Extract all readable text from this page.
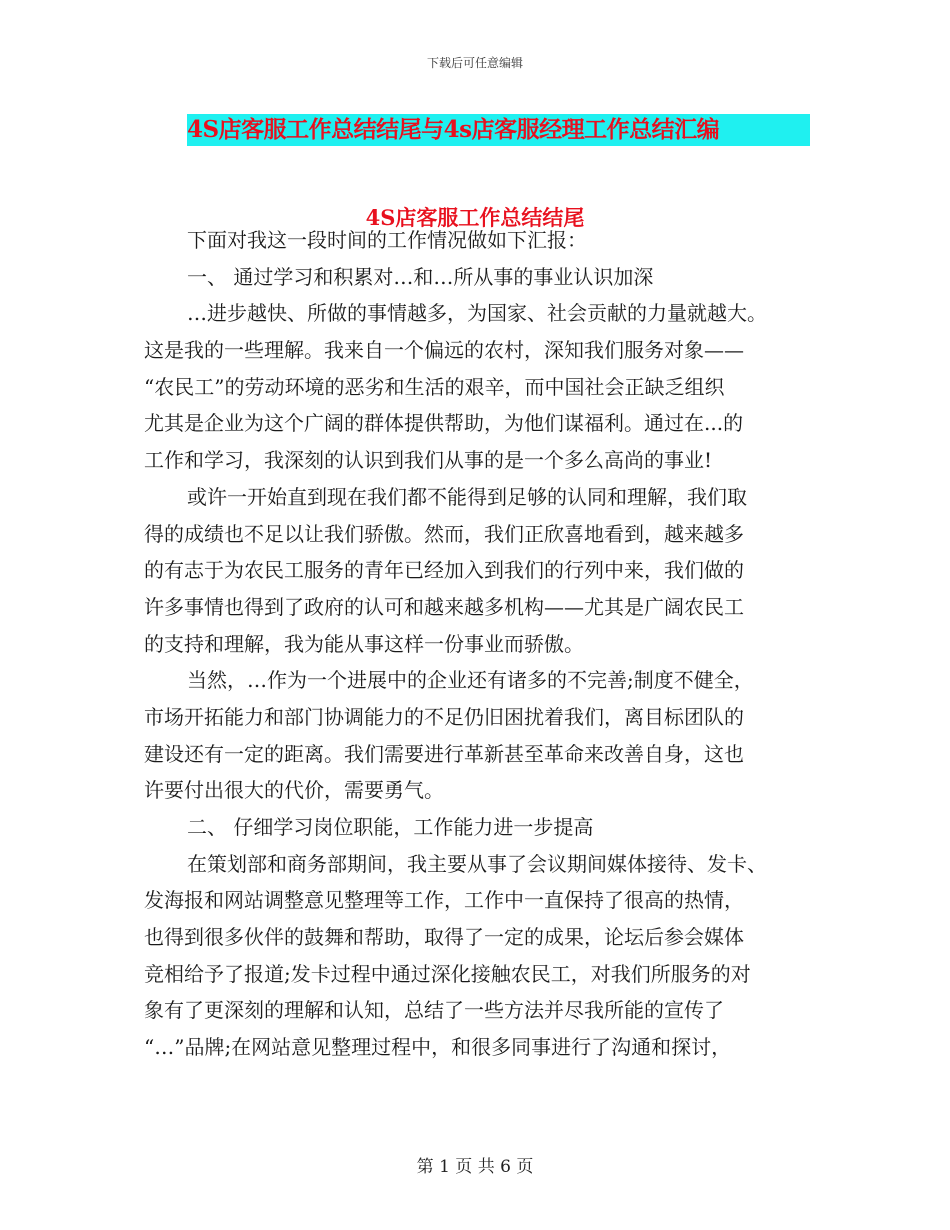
下载后可任意编辑
4S店客服工作总结结尾与4s店客服经理工作总结汇编
4S店客服工作总结结尾
下面对我这一段时间的工作情况做如下汇报：
一、 通过学习和积累对…和…所从事的事业认识加深
…进步越快、所做的事情越多，为国家、社会贡献的力量就越大。
这是我的一些理解。我来自一个偏远的农村，深知我们服务对象——
“农民工”的劳动环境的恶劣和生活的艰辛，而中国社会正缺乏组织
尤其是企业为这个广阔的群体提供帮助，为他们谋福利。通过在...的
工作和学习，我深刻的认识到我们从事的是一个多么高尚的事业!
或许一开始直到现在我们都不能得到足够的认同和理解，我们取
得的成绩也不足以让我们骄傲。然而，我们正欣喜地看到，越来越多
的有志于为农民工服务的青年已经加入到我们的行列中来，我们做的
许多事情也得到了政府的认可和越来越多机构——尤其是广阔农民工
的支持和理解，我为能从事这样一份事业而骄傲。
当然，…作为一个进展中的企业还有诸多的不完善;制度不健全，
市场开拓能力和部门协调能力的不足仍旧困扰着我们，离目标团队的
建设还有一定的距离。我们需要进行革新甚至革命来改善自身，这也
许要付出很大的代价，需要勇气。
二、 仔细学习岗位职能，工作能力进一步提高
在策划部和商务部期间，我主要从事了会议期间媒体接待、发卡、
发海报和网站调整意见整理等工作，工作中一直保持了很高的热情，
也得到很多伙伴的鼓舞和帮助，取得了一定的成果，论坛后参会媒体
竞相给予了报道;发卡过程中通过深化接触农民工，对我们所服务的对
象有了更深刻的理解和认知，总结了一些方法并尽我所能的宣传了
“…”品牌;在网站意见整理过程中，和很多同事进行了沟通和探讨，
第 1 页 共 6 页
